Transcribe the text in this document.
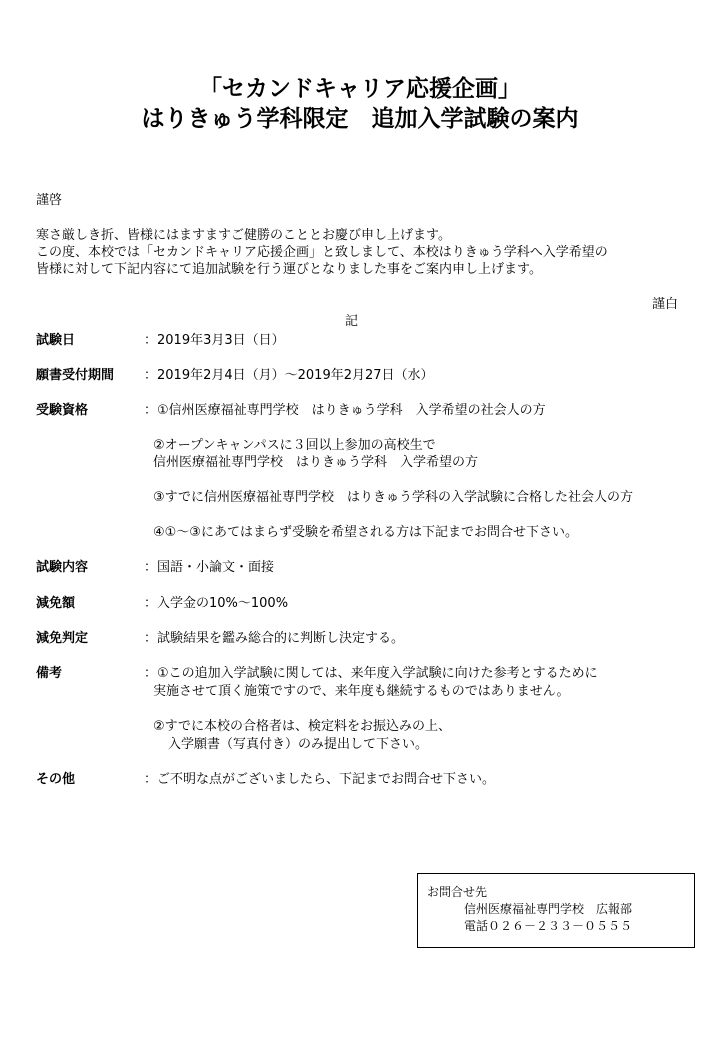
「セカンドキャリア応援企画」
はりきゅう学科限定　追加入学試験の案内
謹啓
寒さ厳しき折、皆様にはますますご健勝のこととお慶び申し上げます。
この度、本校では「セカンドキャリア応援企画」と致しまして、本校はりきゅう学科へ入学希望の
皆様に対して下記内容にて追加試験を行う運びとなりました事をご案内申し上げます。
謹白
記
試験日	：2019年3月3日（日）
願書受付期間 ：2019年2月4日（月）～2019年2月27日（水）
受験資格	：①信州医療福祉専門学校　はりきゅう学科　入学希望の社会人の方
②オープンキャンパスに３回以上参加の高校生で
信州医療福祉専門学校　はりきゅう学科　入学希望の方
③すでに信州医療福祉専門学校　はりきゅう学科の入学試験に合格した社会人の方
④①～③にあてはまらず受験を希望される方は下記までお問合せ下さい。
試験内容	：国語・小論文・面接
減免額	：入学金の10%～100%
減免判定	：試験結果を鑑み総合的に判断し決定する。
備考	：①この追加入学試験に関しては、来年度入学試験に向けた参考とするために
実施させて頂く施策ですので、来年度も継続するものではありません。
②すでに本校の合格者は、検定料をお振込みの上、
入学願書（写真付き）のみ提出して下さい。
その他	：ご不明な点がございましたら、下記までお問合せ下さい。
お問合せ先
信州医療福祉専門学校　広報部
電話０２６－２３３－０５５５
